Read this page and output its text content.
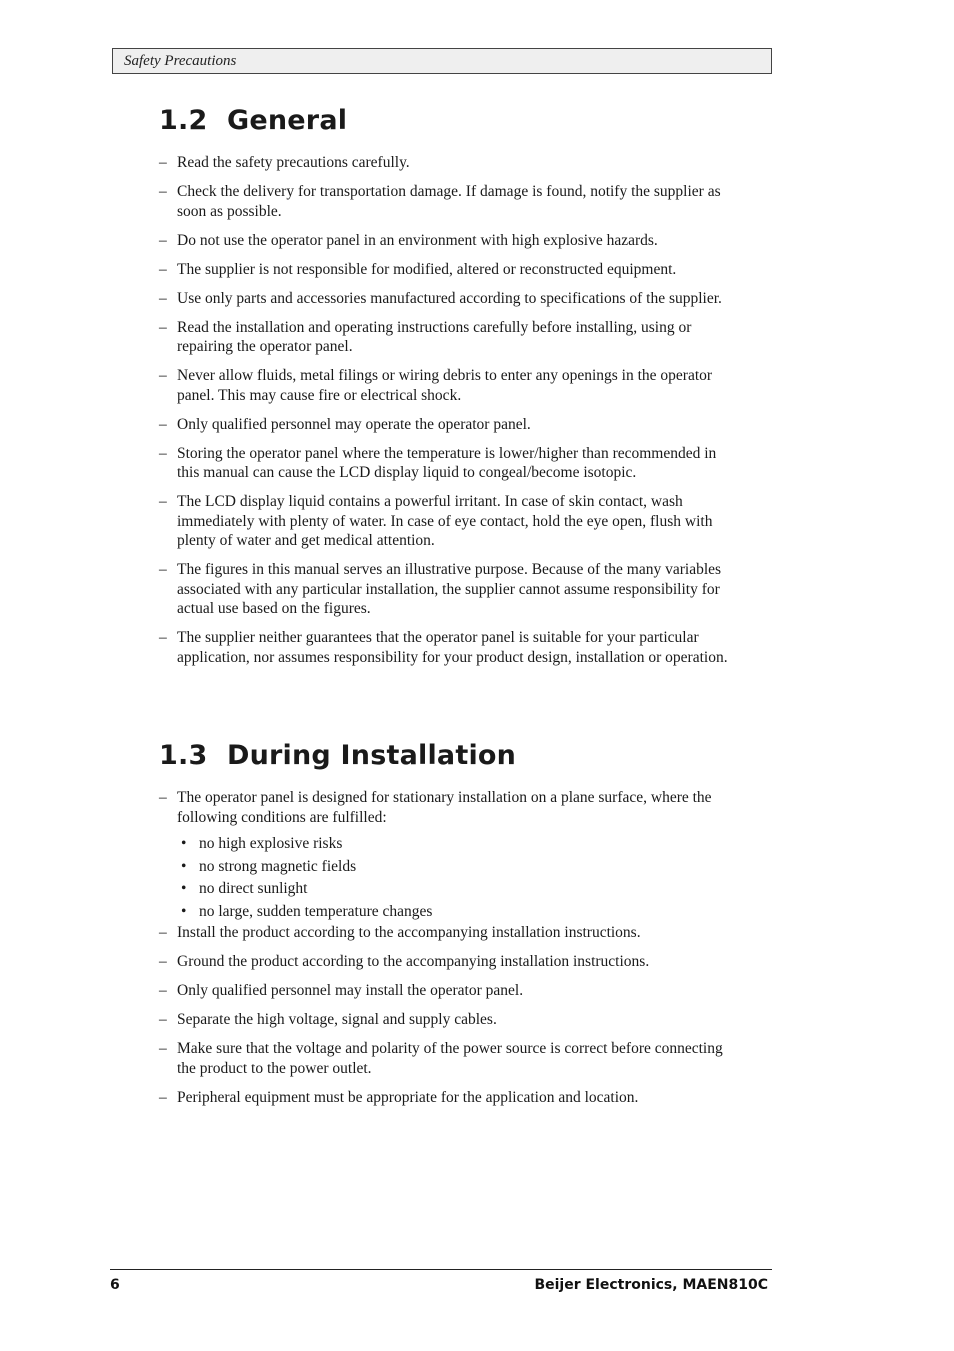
Safety Precautions
1.2 General
– Read the safety precautions carefully.
– Check the delivery for transportation damage. If damage is found, notify the supplier as soon as possible.
– Do not use the operator panel in an environment with high explosive hazards.
– The supplier is not responsible for modified, altered or reconstructed equipment.
– Use only parts and accessories manufactured according to specifications of the supplier.
– Read the installation and operating instructions carefully before installing, using or repairing the operator panel.
– Never allow fluids, metal filings or wiring debris to enter any openings in the operator panel. This may cause fire or electrical shock.
– Only qualified personnel may operate the operator panel.
– Storing the operator panel where the temperature is lower/higher than recommended in this manual can cause the LCD display liquid to congeal/become isotopic.
– The LCD display liquid contains a powerful irritant. In case of skin contact, wash immediately with plenty of water. In case of eye contact, hold the eye open, flush with plenty of water and get medical attention.
– The figures in this manual serves an illustrative purpose. Because of the many variables associated with any particular installation, the supplier cannot assume responsibility for actual use based on the figures.
– The supplier neither guarantees that the operator panel is suitable for your particular application, nor assumes responsibility for your product design, installation or operation.
1.3 During Installation
– The operator panel is designed for stationary installation on a plane surface, where the following conditions are fulfilled:
• no high explosive risks
• no strong magnetic fields
• no direct sunlight
• no large, sudden temperature changes
– Install the product according to the accompanying installation instructions.
– Ground the product according to the accompanying installation instructions.
– Only qualified personnel may install the operator panel.
– Separate the high voltage, signal and supply cables.
– Make sure that the voltage and polarity of the power source is correct before connecting the product to the power outlet.
– Peripheral equipment must be appropriate for the application and location.
6	Beijer Electronics, MAEN810C
